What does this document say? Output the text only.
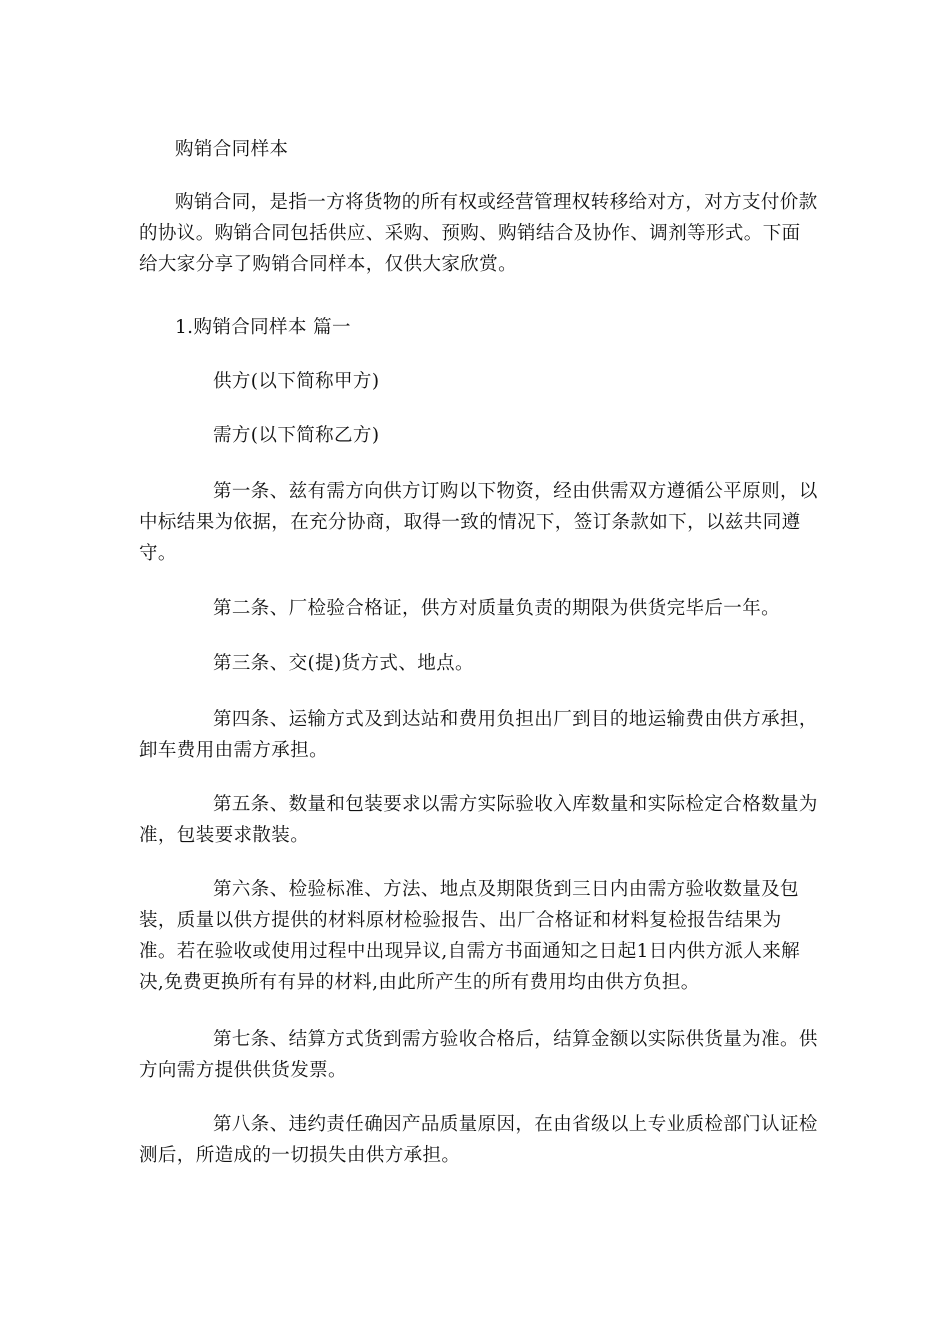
购销合同样本

购销合同，是指一方将货物的所有权或经营管理权转移给对方，对方支付价款的协议。购销合同包括供应、采购、预购、购销结合及协作、调剂等形式。下面给大家分享了购销合同样本，仅供大家欣赏。

1.购销合同样本 篇一

供方(以下简称甲方)

需方(以下简称乙方)

第一条、兹有需方向供方订购以下物资，经由供需双方遵循公平原则，以中标结果为依据，在充分协商，取得一致的情况下，签订条款如下，以兹共同遵守。

第二条、厂检验合格证，供方对质量负责的期限为供货完毕后一年。

第三条、交(提)货方式、地点。

第四条、运输方式及到达站和费用负担出厂到目的地运输费由供方承担，卸车费用由需方承担。

第五条、数量和包装要求以需方实际验收入库数量和实际检定合格数量为准，包装要求散装。

第六条、检验标准、方法、地点及期限货到三日内由需方验收数量及包装，质量以供方提供的材料原材检验报告、出厂合格证和材料复检报告结果为准。若在验收或使用过程中出现异议,自需方书面通知之日起1日内供方派人来解决,免费更换所有有异的材料,由此所产生的所有费用均由供方负担。

第七条、结算方式货到需方验收合格后，结算金额以实际供货量为准。供方向需方提供供货发票。

第八条、违约责任确因产品质量原因，在由省级以上专业质检部门认证检测后，所造成的一切损失由供方承担。
